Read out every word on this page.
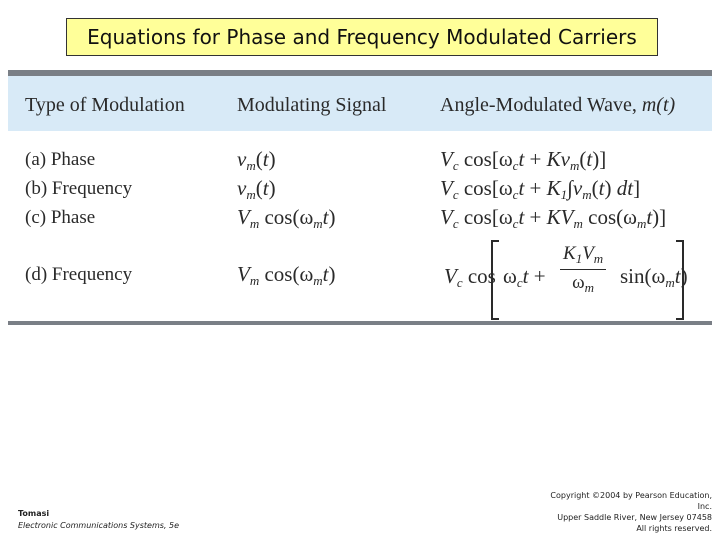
Equations for Phase and Frequency Modulated Carriers
Type of Modulation	Modulating Signal	Angle-Modulated Wave, m(t)
(a) Phase
(b) Frequency
(c) Phase
(d) Frequency
$v_m(t)$
$v_m(t)$
$V_m$ $\cos(\omega_mt)$
$V_m$ $\cos(\omega_mt)$
$V_c$ $\cos[\omega_ct + Kv_m(t)]$
$V_c$ $\cos[\omega_ct + K_1\int v_m(t)$ dt]
$V_c$ $\cos[\omega_ct + KV_m$ $\cos(\omega_mt)$]
$V_c$ $\cos \omega_ct + \frac{K_1V_m}{\omega_m} \sin(\omega_mt)$
Tomasi
Electronic Communications Systems, 5e
Copyright ©2004 by Pearson Education,
Inc.
Upper Saddle River, New Jersey 07458
All rights reserved.
